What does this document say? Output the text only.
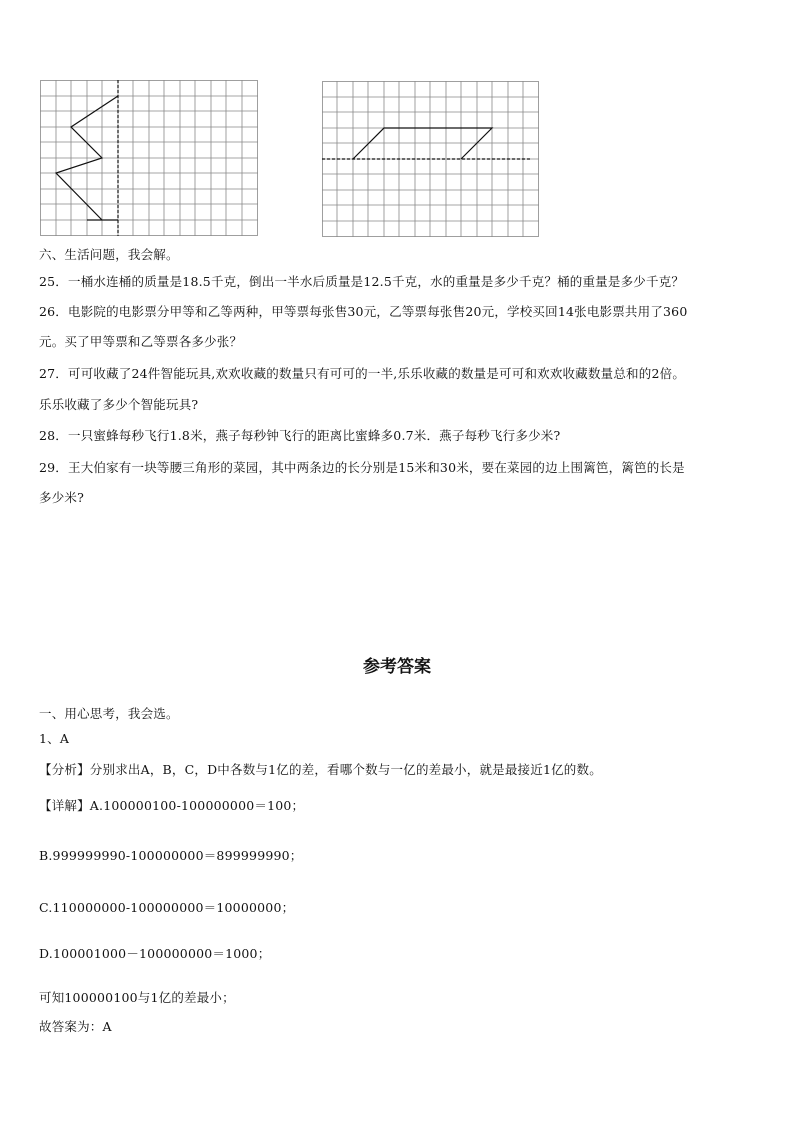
六、生活问题，我会解。
25．一桶水连桶的质量是18.5千克，倒出一半水后质量是12.5千克，水的重量是多少千克？桶的重量是多少千克？
26．电影院的电影票分甲等和乙等两种，甲等票每张售30元，乙等票每张售20元，学校买回14张电影票共用了360
元。买了甲等票和乙等票各多少张？
27．可可收藏了24件智能玩具,欢欢收藏的数量只有可可的一半,乐乐收藏的数量是可可和欢欢收藏数量总和的2倍。
乐乐收藏了多少个智能玩具?
28．一只蜜蜂每秒飞行1.8米，燕子每秒钟飞行的距离比蜜蜂多0.7米．燕子每秒飞行多少米?
29．王大伯家有一块等腰三角形的菜园，其中两条边的长分别是15米和30米，要在菜园的边上围篱笆，篱笆的长是
多少米?
参考答案
一、用心思考，我会选。
1、A
【分析】分别求出A，B，C，D中各数与1亿的差，看哪个数与一亿的差最小，就是最接近1亿的数。
【详解】A.100000100-100000000＝100；
B.999999990-100000000＝899999990；
C.110000000-100000000＝10000000；
D.100001000－100000000＝1000；
可知100000100与1亿的差最小；
故答案为：A
